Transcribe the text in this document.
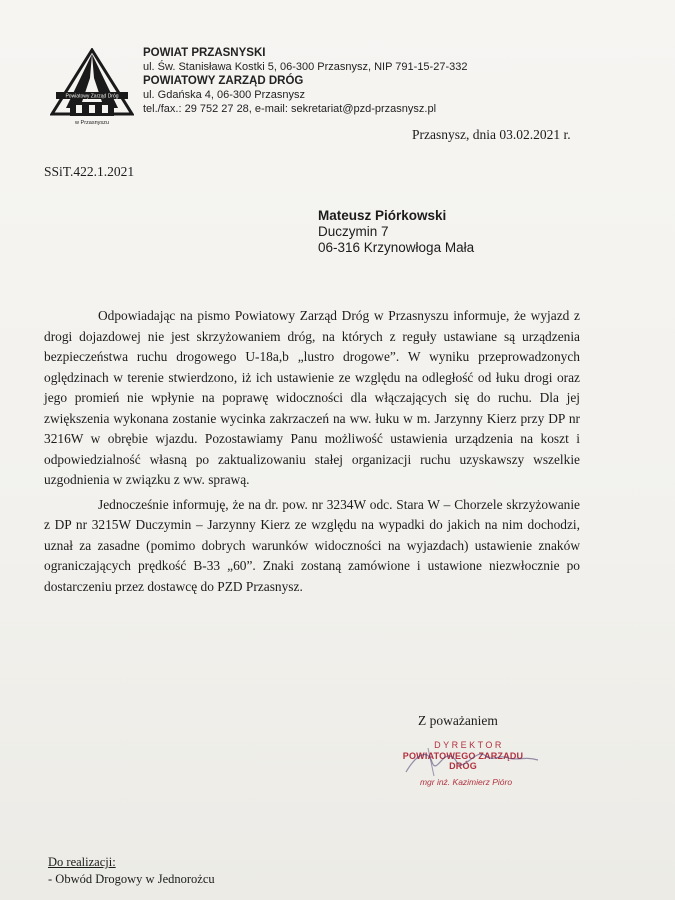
Powiatowy Zarząd Dróg
w Przasnyszu
POWIAT PRZASNYSKI
ul. Św. Stanisława Kostki 5, 06-300 Przasnysz, NIP 791-15-27-332
POWIATOWY ZARZĄD DRÓG
ul. Gdańska 4, 06-300 Przasnysz
tel./fax.: 29 752 27 28, e-mail: sekretariat@pzd-przasnysz.pl
Przasnysz, dnia 03.02.2021 r.
SSiT.422.1.2021
Mateusz Piórkowski
Duczymin 7
06-316 Krzynowłoga Mała

Odpowiadając na pismo Powiatowy Zarząd Dróg w Przasnyszu informuje, że wyjazd z drogi dojazdowej nie jest skrzyżowaniem dróg, na których z reguły ustawiane są urządzenia bezpieczeństwa ruchu drogowego U-18a,b „lustro drogowe”. W wyniku przeprowadzonych oględzinach w terenie stwierdzono, iż ich ustawienie ze względu na odległość od łuku drogi oraz jego promień nie wpłynie na poprawę widoczności dla włączających się do ruchu. Dla jej zwiększenia wykonana zostanie wycinka zakrzaczeń na ww. łuku w m. Jarzynny Kierz przy DP nr 3216W w obrębie wjazdu. Pozostawiamy Panu możliwość ustawienia urządzenia na koszt i odpowiedzialność własną po zaktualizowaniu stałej organizacji ruchu uzyskawszy wszelkie uzgodnienia w związku z ww. sprawą.

Jednocześnie informuję, że na dr. pow. nr 3234W odc. Stara W – Chorzele skrzyżowanie z DP nr 3215W Duczymin – Jarzynny Kierz ze względu na wypadki do jakich na nim dochodzi, uznał za zasadne (pomimo dobrych warunków widoczności na wyjazdach) ustawienie znaków ograniczających prędkość B-33 „60”. Znaki zostaną zamówione i ustawione niezwłocznie po dostarczeniu przez dostawcę do PZD Przasnysz.

Z poważaniem
DYREKTOR
POWIATOWEGO ZARZĄDU DRÓG
mgr inż. Kazimierz Pióro
Do realizacji:
- Obwód Drogowy w Jednorożcu
